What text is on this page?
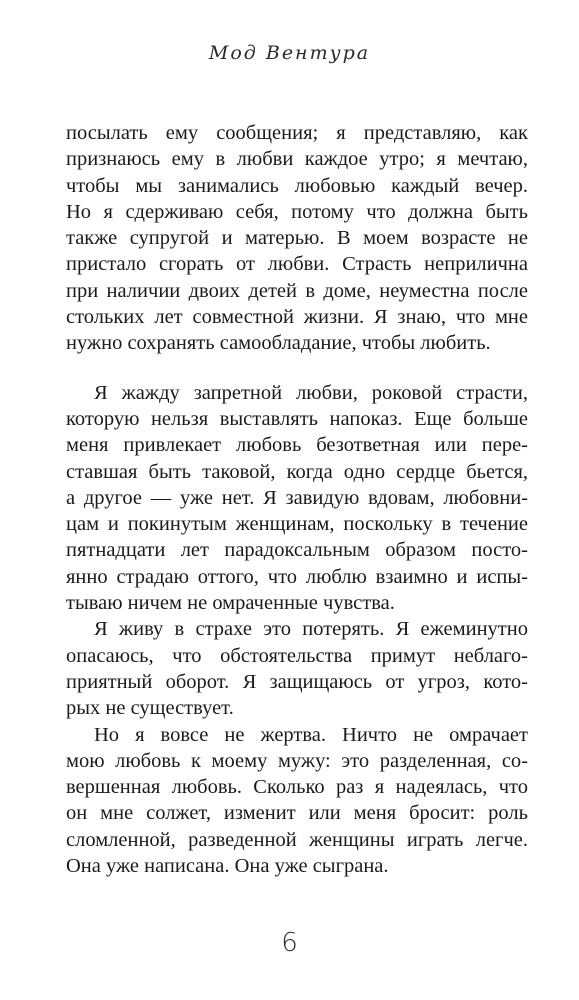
Мод Вентура
посылать ему сообщения; я представляю, как
признаюсь ему в любви каждое утро; я мечтаю,
чтобы мы занимались любовью каждый вечер.
Но я сдерживаю себя, потому что должна быть
также супругой и матерью. В моем возрасте не
пристало сгорать от любви. Страсть неприлична
при наличии двоих детей в доме, неуместна после
стольких лет совместной жизни. Я знаю, что мне
нужно сохранять самообладание, чтобы любить.
Я жажду запретной любви, роковой страсти,
которую нельзя выставлять напоказ. Еще больше
меня привлекает любовь безответная или пере-
ставшая быть таковой, когда одно сердце бьется,
а другое — уже нет. Я завидую вдовам, любовни-
цам и покинутым женщинам, поскольку в течение
пятнадцати лет парадоксальным образом посто-
янно страдаю оттого, что люблю взаимно и испы-
тываю ничем не омраченные чувства.
Я живу в страхе это потерять. Я ежеминутно
опасаюсь, что обстоятельства примут неблаго-
приятный оборот. Я защищаюсь от угроз, кото-
рых не существует.
Но я вовсе не жертва. Ничто не омрачает
мою любовь к моему мужу: это разделенная, со-
вершенная любовь. Сколько раз я надеялась, что
он мне солжет, изменит или меня бросит: роль
сломленной, разведенной женщины играть легче.
Она уже написана. Она уже сыграна.
6
